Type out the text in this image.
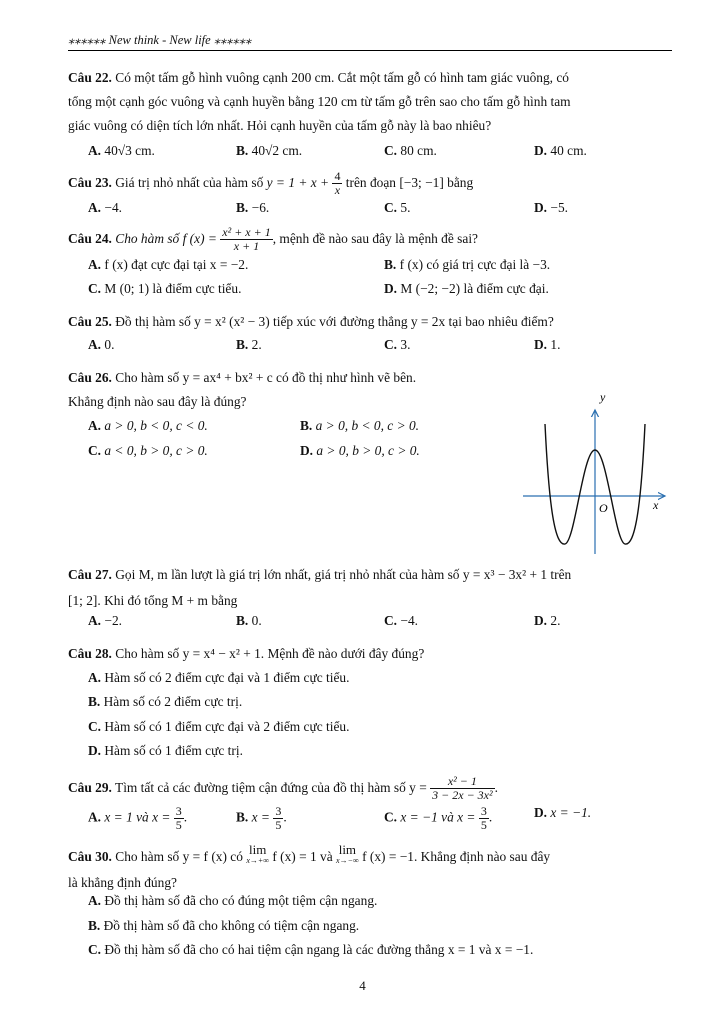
⁎⁎⁎⁎⁎⁎ New think - New life ⁎⁎⁎⁎⁎⁎
Câu 22. Có một tấm gỗ hình vuông cạnh 200 cm. Cắt một tấm gỗ có hình tam giác vuông, có
tổng một cạnh góc vuông và cạnh huyền bằng 120 cm từ tấm gỗ trên sao cho tấm gỗ hình tam
giác vuông có diện tích lớn nhất. Hỏi cạnh huyền của tấm gỗ này là bao nhiêu?
A. 40√3 cm.	B. 40√2 cm.	C. 80 cm.	D. 40 cm.
Câu 23. Giá trị nhỏ nhất của hàm số $y = 1 + x + \frac{4}{x}$ trên đoạn [−3; −1] bằng
A. −4.	B. −6.	C. 5.	D. −5.
Câu 24. Cho hàm số f $(x) = \frac{\text{x² + x + 1}}{x + 1}$ , mệnh đề nào sau đây là mệnh đề sai?
A. f (x) đạt cực đại tại x = −2.	B. f (x) có giá trị cực đại là −3.
C. M (0; 1) là điểm cực tiểu.	D. M (−2; −2) là điểm cực đại.
Câu 25. Đồ thị hàm số y = x² (x² − 3) tiếp xúc với đường thẳng y = 2x tại bao nhiêu điểm?
A. 0.	B. 2.	C. 3.	D. 1.
Câu 26. Cho hàm số y = ax⁴ + bx² + c có đồ thị như hình vẽ bên.
Khẳng định nào sau đây là đúng?
A. a > 0, b < 0, c < 0.	B. a > 0, b < 0, c > 0.
C. a < 0, b > 0, c > 0.	D. a > 0, b > 0, c > 0.
y
x
O
Câu 27. Gọi M, m lần lượt là giá trị lớn nhất, giá trị nhỏ nhất của hàm số y = x³ − 3x² + 1 trên
[1; 2]. Khi đó tổng M + m bằng
A. −2.	B. 0.	C. −4.	D. 2.
Câu 28. Cho hàm số y = x⁴ − x² + 1. Mệnh đề nào dưới đây đúng?
A. Hàm số có 2 điểm cực đại và 1 điểm cực tiểu.
B. Hàm số có 2 điểm cực trị.
C. Hàm số có 1 điểm cực đại và 2 điểm cực tiểu.
D. Hàm số có 1 điểm cực trị.
Câu 29. Tìm tất cả các đường tiệm cận đứng của đồ thị hàm số $y = \frac{\text{x² − 1}}{\text{3 − 2x − 3x²}}$ .
A. x = 1 và $x = \frac{3}{5}$ .	B. $x = \frac{3}{5}$ .	C. x = −1 và $x = \frac{3}{5}$ .	D. x = −1.
Câu 30. Cho hàm số y = f (x) có lim
x→+∞ f (x) = 1 và lim
x→−∞ f (x) = −1. Khẳng định nào sau đây
là khẳng định đúng?
A. Đồ thị hàm số đã cho có đúng một tiệm cận ngang.
B. Đồ thị hàm số đã cho không có tiệm cận ngang.
C. Đồ thị hàm số đã cho có hai tiệm cận ngang là các đường thẳng x = 1 và x = −1.
4
